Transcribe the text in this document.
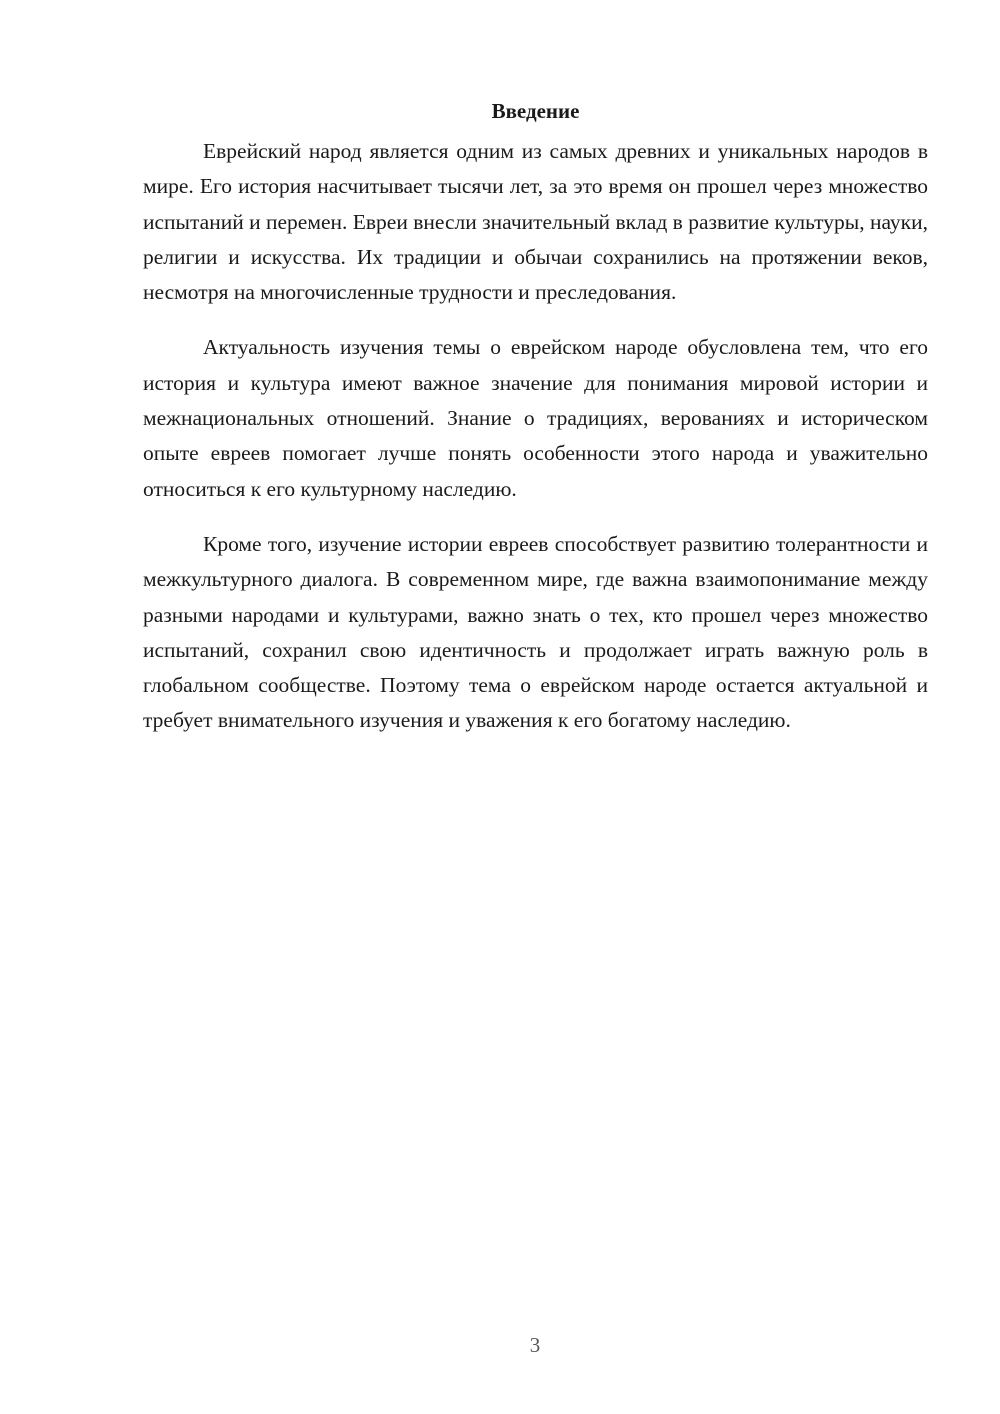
Введение

Еврейский народ является одним из самых древних и уникальных народов в мире. Его история насчитывает тысячи лет, за это время он прошел через множество испытаний и перемен. Евреи внесли значительный вклад в развитие культуры, науки, религии и искусства. Их традиции и обычаи сохранились на протяжении веков, несмотря на многочисленные трудности и преследования.

Актуальность изучения темы о еврейском народе обусловлена тем, что его история и культура имеют важное значение для понимания мировой истории и межнациональных отношений. Знание о традициях, верованиях и историческом опыте евреев помогает лучше понять особенности этого народа и уважительно относиться к его культурному наследию.

Кроме того, изучение истории евреев способствует развитию толерантности и межкультурного диалога. В современном мире, где важна взаимопонимание между разными народами и культурами, важно знать о тех, кто прошел через множество испытаний, сохранил свою идентичность и продолжает играть важную роль в глобальном сообществе. Поэтому тема о еврейском народе остается актуальной и требует внимательного изучения и уважения к его богатому наследию.

3
